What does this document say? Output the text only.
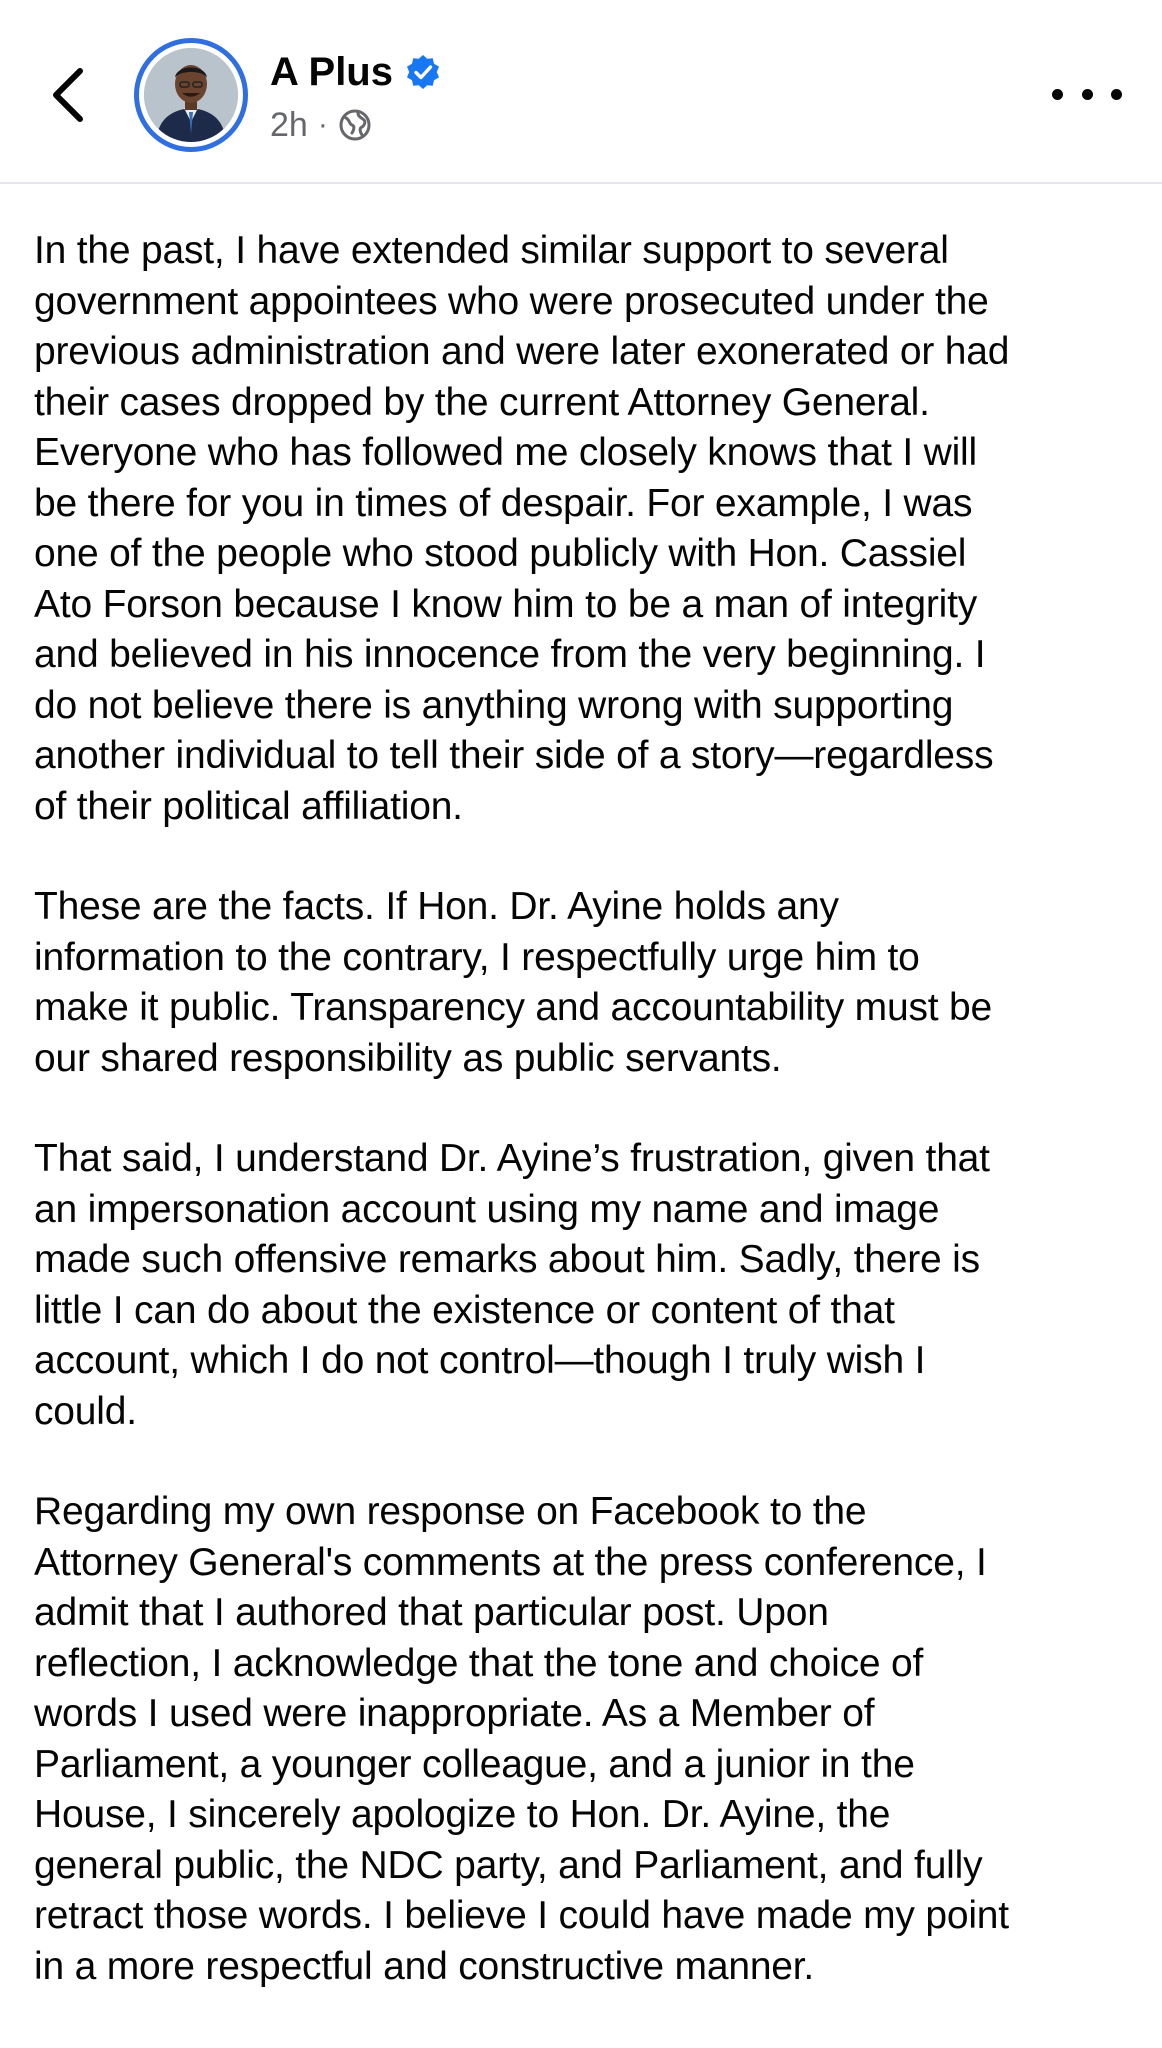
A Plus
2h ·

In the past, I have extended similar support to several
government appointees who were prosecuted under the
previous administration and were later exonerated or had
their cases dropped by the current Attorney General.
Everyone who has followed me closely knows that I will
be there for you in times of despair. For example, I was
one of the people who stood publicly with Hon. Cassiel
Ato Forson because I know him to be a man of integrity
and believed in his innocence from the very beginning. I
do not believe there is anything wrong with supporting
another individual to tell their side of a story—regardless
of their political affiliation.

These are the facts. If Hon. Dr. Ayine holds any
information to the contrary, I respectfully urge him to
make it public. Transparency and accountability must be
our shared responsibility as public servants.

That said, I understand Dr. Ayine’s frustration, given that
an impersonation account using my name and image
made such offensive remarks about him. Sadly, there is
little I can do about the existence or content of that
account, which I do not control—though I truly wish I
could.

Regarding my own response on Facebook to the
Attorney General's comments at the press conference, I
admit that I authored that particular post. Upon
reflection, I acknowledge that the tone and choice of
words I used were inappropriate. As a Member of
Parliament, a younger colleague, and a junior in the
House, I sincerely apologize to Hon. Dr. Ayine, the
general public, the NDC party, and Parliament, and fully
retract those words. I believe I could have made my point
in a more respectful and constructive manner.
